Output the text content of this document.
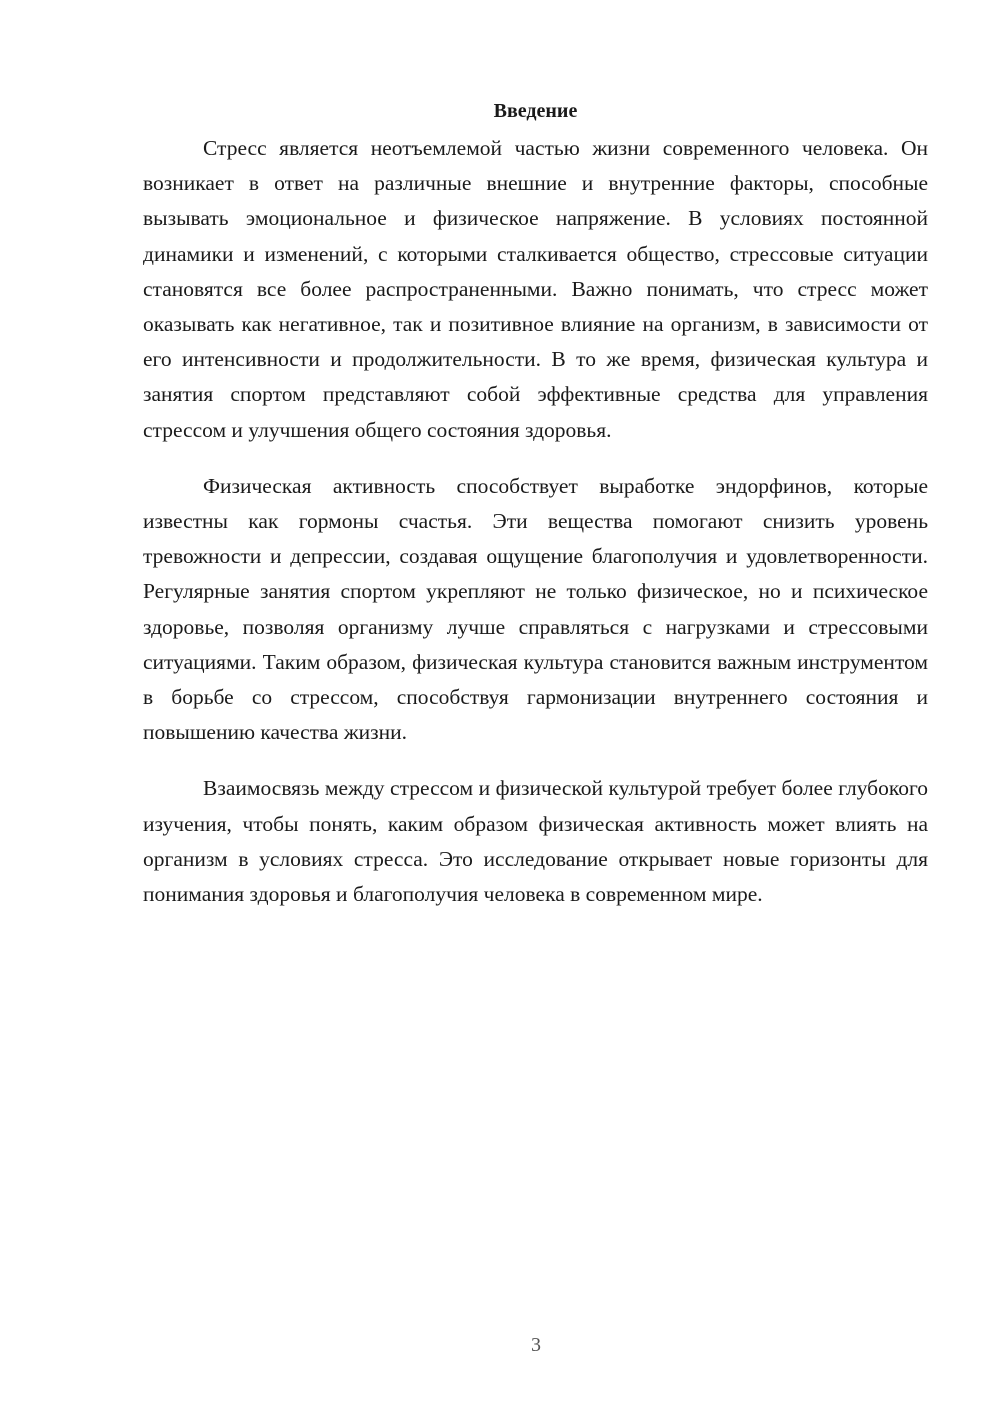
Введение

Стресс является неотъемлемой частью жизни современного человека. Он возникает в ответ на различные внешние и внутренние факторы, способные вызывать эмоциональное и физическое напряжение. В условиях постоянной динамики и изменений, с которыми сталкивается общество, стрессовые ситуации становятся все более распространенными. Важно понимать, что стресс может оказывать как негативное, так и позитивное влияние на организм, в зависимости от его интенсивности и продолжительности. В то же время, физическая культура и занятия спортом представляют собой эффективные средства для управления стрессом и улучшения общего состояния здоровья.

Физическая активность способствует выработке эндорфинов, которые известны как гормоны счастья. Эти вещества помогают снизить уровень тревожности и депрессии, создавая ощущение благополучия и удовлетворенности. Регулярные занятия спортом укрепляют не только физическое, но и психическое здоровье, позволяя организму лучше справляться с нагрузками и стрессовыми ситуациями. Таким образом, физическая культура становится важным инструментом в борьбе со стрессом, способствуя гармонизации внутреннего состояния и повышению качества жизни.

Взаимосвязь между стрессом и физической культурой требует более глубокого изучения, чтобы понять, каким образом физическая активность может влиять на организм в условиях стресса. Это исследование открывает новые горизонты для понимания здоровья и благополучия человека в современном мире.

3
